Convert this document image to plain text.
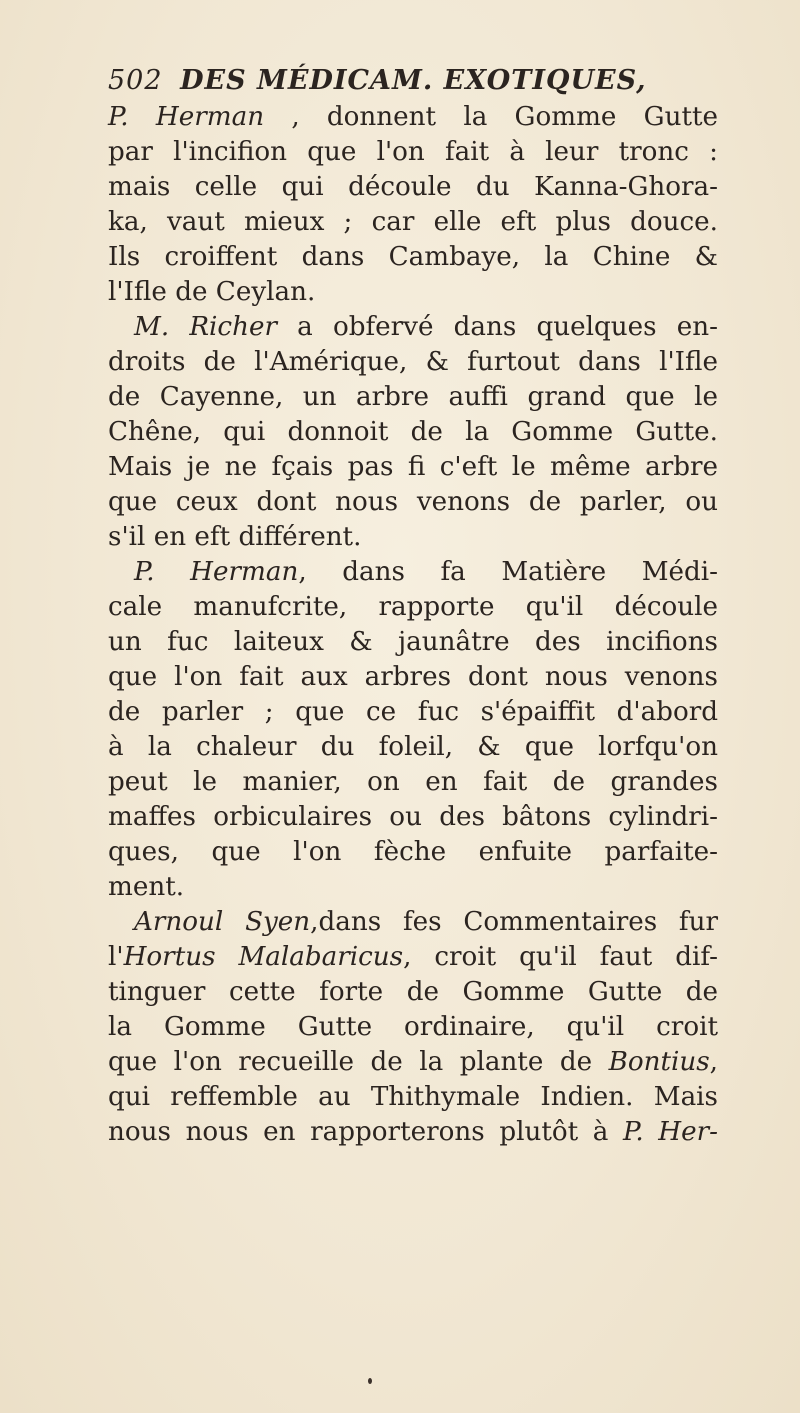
502 DES MÉDICAM. EXOTIQUES,
P. Herman , donnent la Gomme Gutte
par l'incifion que l'on fait à leur tronc :
mais celle qui découle du Kanna-Ghora-
ka, vaut mieux ; car elle eft plus douce.
Ils croiffent dans Cambaye, la Chine &
l'Ifle de Ceylan.
M. Richer a obfervé dans quelques en-
droits de l'Amérique, & furtout dans l'Ifle
de Cayenne, un arbre auffi grand que le
Chêne, qui donnoit de la Gomme Gutte.
Mais je ne fçais pas fi c'eft le même arbre
que ceux dont nous venons de parler, ou
s'il en eft différent.
P. Herman, dans fa Matière Médi-
cale manufcrite, rapporte qu'il découle
un fuc laiteux & jaunâtre des incifions
que l'on fait aux arbres dont nous venons
de parler ; que ce fuc s'épaiffit d'abord
à la chaleur du foleil, & que lorfqu'on
peut le manier, on en fait de grandes
maffes orbiculaires ou des bâtons cylindri-
ques, que l'on fèche enfuite parfaite-
ment.
Arnoul Syen,dans fes Commentaires fur
l'Hortus Malabaricus, croit qu'il faut dif-
tinguer cette forte de Gomme Gutte de
la Gomme Gutte ordinaire, qu'il croit
que l'on recueille de la plante de Bontius,
qui reffemble au Thithymale Indien. Mais
nous nous en rapporterons plutôt à P. Her-
